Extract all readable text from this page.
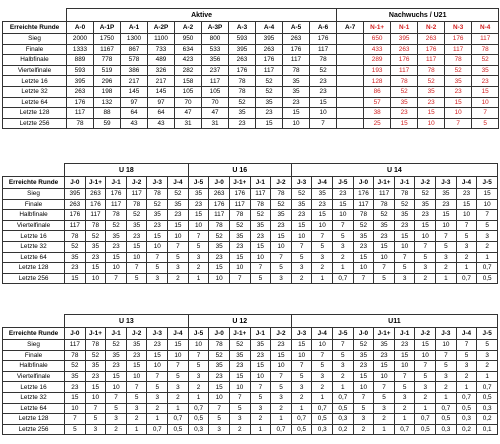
	Aktive										Nachwuchs / U21					
Erreichte Runde	A-0	A-1P	A-1	A-2P	A-2	A-3P	A-3	A-4	A-5	A-6	A-7	N-1+	N-1	N-2	N-3	N-4
Sieg	2000	1750	1300	1100	950	800	593	395	263	176		650	395	263	176	117
Finale	1333	1167	867	733	634	533	395	263	176	117		433	263	176	117	78
Halbfinale	889	778	578	489	423	356	263	176	117	78		289	176	117	78	52
Viertelfinale	593	519	386	326	282	237	176	117	78	52		193	117	78	52	35
Letzte 16	395	296	217	217	158	117	78	52	35	23		128	78	52	35	23
Letzte 32	263	198	145	145	105	105	78	52	35	23		86	52	35	23	15
Letzte 64	176	132	97	97	70	70	52	35	23	15		57	35	23	15	10
Letzte 128	117	88	64	64	47	47	35	23	15	10		38	23	15	10	7
Letzte 256	78	59	43	43	31	31	23	15	10	7		25	15	10	7	5
	U 18						U 16					U 14									
Erreichte Runde	J-0	J-1+	J-1	J-2	J-3	J-4	J-5	J-0	J-1+	J-1	J-2	J-3	J-4	J-5	J-0	J-1+	J-1	J-2	J-3	J-4	J-5
Sieg	395	263	176	117	78	52	35	263	176	117	78	52	35	23	176	117	78	52	35	23	15
Finale	263	176	117	78	52	35	23	176	117	78	52	35	23	15	117	78	52	35	23	15	10
Halbfinale	176	117	78	52	35	23	15	117	78	52	35	23	15	10	78	52	35	23	15	10	7
Viertelfinale	117	78	52	35	23	15	10	78	52	35	23	15	10	7	52	35	23	15	10	7	5
Letzte 16	78	52	35	23	15	10	7	52	35	23	15	10	7	5	35	23	15	10	7	5	3
Letzte 32	52	35	23	15	10	7	5	35	23	15	10	7	5	3	23	15	10	7	5	3	2
Letzte 64	35	23	15	10	7	5	3	23	15	10	7	5	3	2	15	10	7	5	3	2	1
Letzte 128	23	15	10	7	5	3	2	15	10	7	5	3	2	1	10	7	5	3	2	1	0,7
Letzte 256	15	10	7	5	3	2	1	10	7	5	3	2	1	0,7	7	5	3	2	1	0,7	0,5
	U 13						U 12					U11									
Erreichte Runde	J-0	J-1+	J-1	J-2	J-3	J-4	J-5	J-0	J-1+	J-1	J-2	J-3	J-4	J-5	J-0	J-1+	J-1	J-2	J-3	J-4	J-5
Sieg	117	78	52	35	23	15	10	78	52	35	23	15	10	7	52	35	23	15	10	7	5
Finale	78	52	35	23	15	10	7	52	35	23	15	10	7	5	35	23	15	10	7	5	3
Halbfinale	52	35	23	15	10	7	5	35	23	15	10	7	5	3	23	15	10	7	5	3	2
Viertelfinale	35	23	15	10	7	5	3	23	15	10	7	5	3	2	15	10	7	5	3	2	1
Letzte 16	23	15	10	7	5	3	2	15	10	7	5	3	2	1	10	7	5	3	2	1	0,7
Letzte 32	15	10	7	5	3	2	1	10	7	5	3	2	1	0,7	7	5	3	2	1	0,7	0,5
Letzte 64	10	7	5	3	2	1	0,7	7	5	3	2	1	0,7	0,5	5	3	2	1	0,7	0,5	0,3
Letzte 128	7	5	3	2	1	0,7	0,5	5	3	2	1	0,7	0,5	0,3	3	2	1	0,7	0,5	0,3	0,2
Letzte 256	5	3	2	1	0,7	0,5	0,3	3	2	1	0,7	0,5	0,3	0,2	2	1	0,7	0,5	0,3	0,2	0,1
